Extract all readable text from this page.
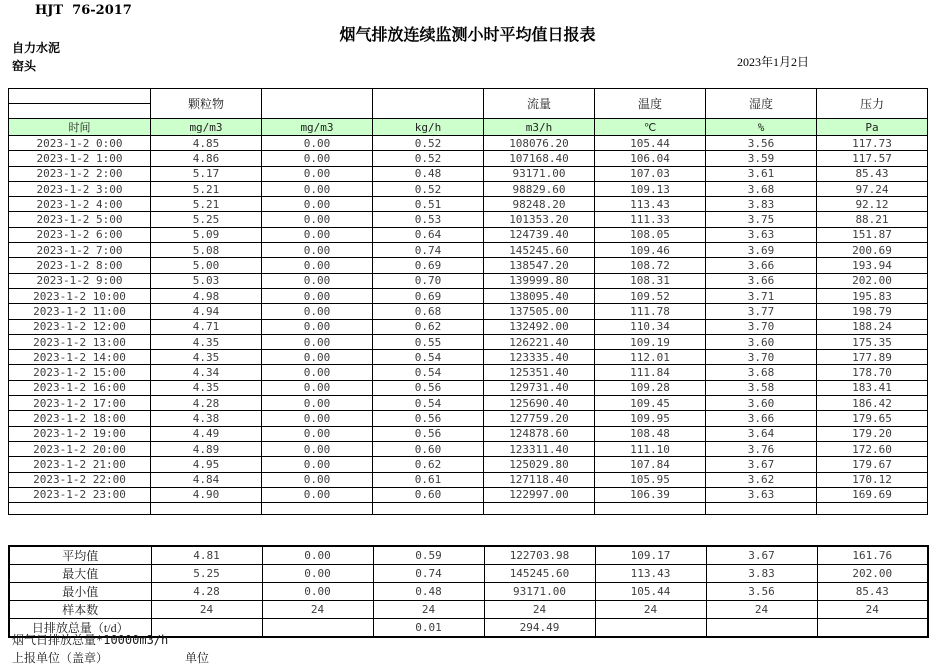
HJT  76-2017
烟气排放连续监测小时平均值日报表
自力水泥
窑头	2023年1月2日
	颗粒物			流量	温度	湿度	压力

时间	mg/m3	mg/m3	kg/h	m3/h	℃	%	Pa
2023-1-2 0:00	4.85	0.00	0.52	108076.20	105.44	3.56	117.73
2023-1-2 1:00	4.86	0.00	0.52	107168.40	106.04	3.59	117.57
2023-1-2 2:00	5.17	0.00	0.48	93171.00	107.03	3.61	85.43
2023-1-2 3:00	5.21	0.00	0.52	98829.60	109.13	3.68	97.24
2023-1-2 4:00	5.21	0.00	0.51	98248.20	113.43	3.83	92.12
2023-1-2 5:00	5.25	0.00	0.53	101353.20	111.33	3.75	88.21
2023-1-2 6:00	5.09	0.00	0.64	124739.40	108.05	3.63	151.87
2023-1-2 7:00	5.08	0.00	0.74	145245.60	109.46	3.69	200.69
2023-1-2 8:00	5.00	0.00	0.69	138547.20	108.72	3.66	193.94
2023-1-2 9:00	5.03	0.00	0.70	139999.80	108.31	3.66	202.00
2023-1-2 10:00	4.98	0.00	0.69	138095.40	109.52	3.71	195.83
2023-1-2 11:00	4.94	0.00	0.68	137505.00	111.78	3.77	198.79
2023-1-2 12:00	4.71	0.00	0.62	132492.00	110.34	3.70	188.24
2023-1-2 13:00	4.35	0.00	0.55	126221.40	109.19	3.60	175.35
2023-1-2 14:00	4.35	0.00	0.54	123335.40	112.01	3.70	177.89
2023-1-2 15:00	4.34	0.00	0.54	125351.40	111.84	3.68	178.70
2023-1-2 16:00	4.35	0.00	0.56	129731.40	109.28	3.58	183.41
2023-1-2 17:00	4.28	0.00	0.54	125690.40	109.45	3.60	186.42
2023-1-2 18:00	4.38	0.00	0.56	127759.20	109.95	3.66	179.65
2023-1-2 19:00	4.49	0.00	0.56	124878.60	108.48	3.64	179.20
2023-1-2 20:00	4.89	0.00	0.60	123311.40	111.10	3.76	172.60
2023-1-2 21:00	4.95	0.00	0.62	125029.80	107.84	3.67	179.67
2023-1-2 22:00	4.84	0.00	0.61	127118.40	105.95	3.62	170.12
2023-1-2 23:00	4.90	0.00	0.60	122997.00	106.39	3.63	169.69

平均值	4.81	0.00	0.59	122703.98	109.17	3.67	161.76
最大值	5.25	0.00	0.74	145245.60	113.43	3.83	202.00
最小值	4.28	0.00	0.48	93171.00	105.44	3.56	85.43
样本数	24	24	24	24	24	24	24
日排放总量（t/d）			0.01	294.49			
烟气日排放总量*10000m3/h
上报单位（盖章）	单位
